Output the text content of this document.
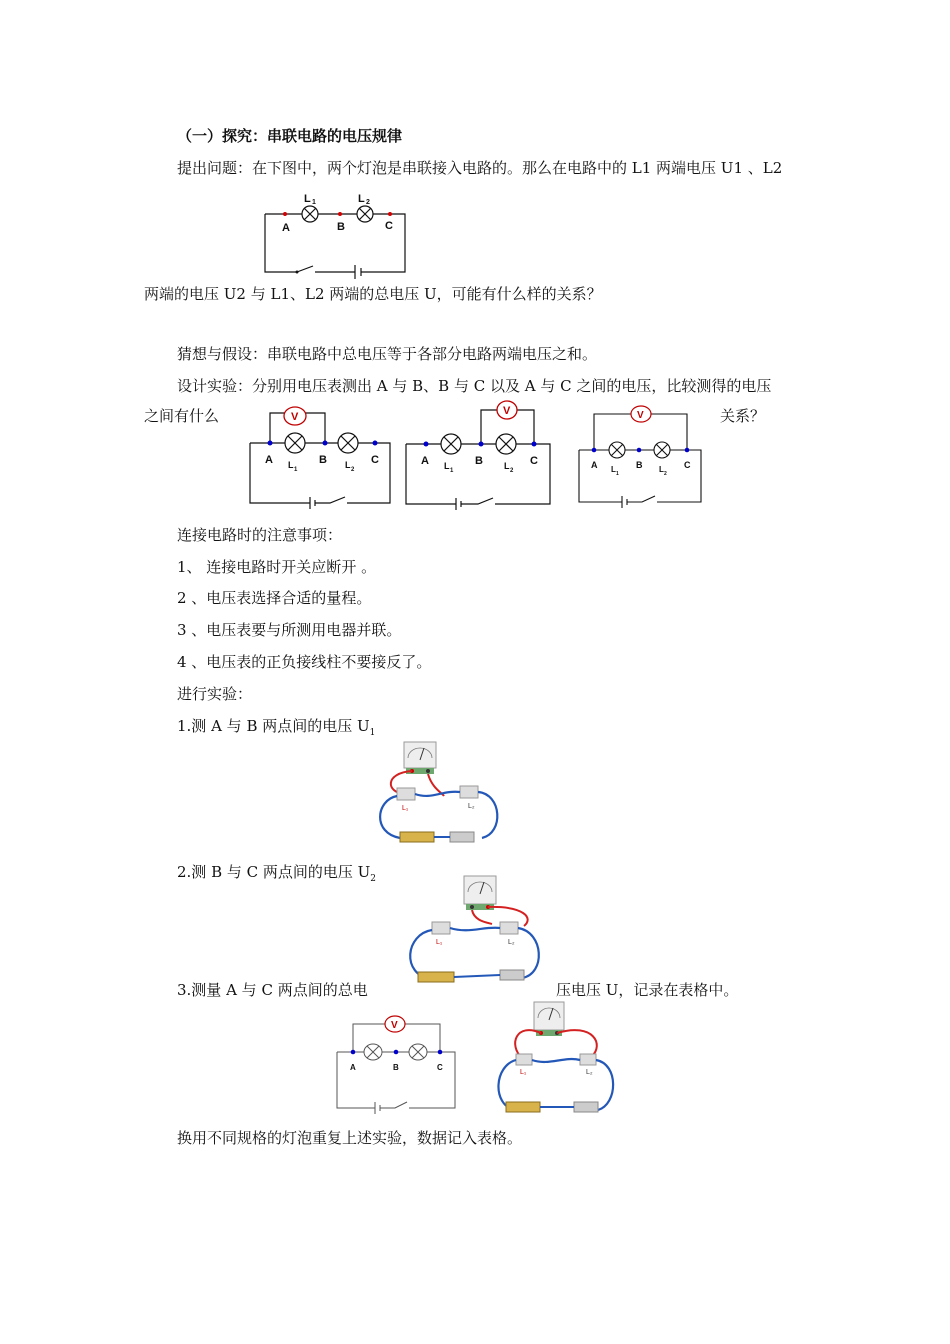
（一）探究：串联电路的电压规律
提出问题：在下图中，两个灯泡是串联接入电路的。那么在电路中的 L1 两端电压 U1 、L2
A	B	C
L 1	L 2
两端的电压 U2 与 L1、L2 两端的总电压 U，可能有什么样的关系？
猜想与假设：串联电路中总电压等于各部分电路两端电压之和。
设计实验：分别用电压表测出 A 与 B、B 与 C 以及 A 与 C 之间的电压，比较测得的电压
之间有什么	关系？
V
A	B	C
L 1	L 2
V
A	B	C
L 1	L 2
V
A	B	C
L 1	L 2
连接电路时的注意事项：
1、 连接电路时开关应断开 。
2 、电压表选择合适的量程。
3 、电压表要与所测用电器并联。
4 、电压表的正负接线柱不要接反了。
进行实验：
1.测 A 与 B 两点间的电压 $U_1$
L₁	L₂
2.测 B 与 C 两点间的电压 $U_2$
L₁	L₂
3.测量 A 与 C 两点间的总电	压电压 U，记录在表格中。
V
A	B	C
L₁	L₂
换用不同规格的灯泡重复上述实验，数据记入表格。
